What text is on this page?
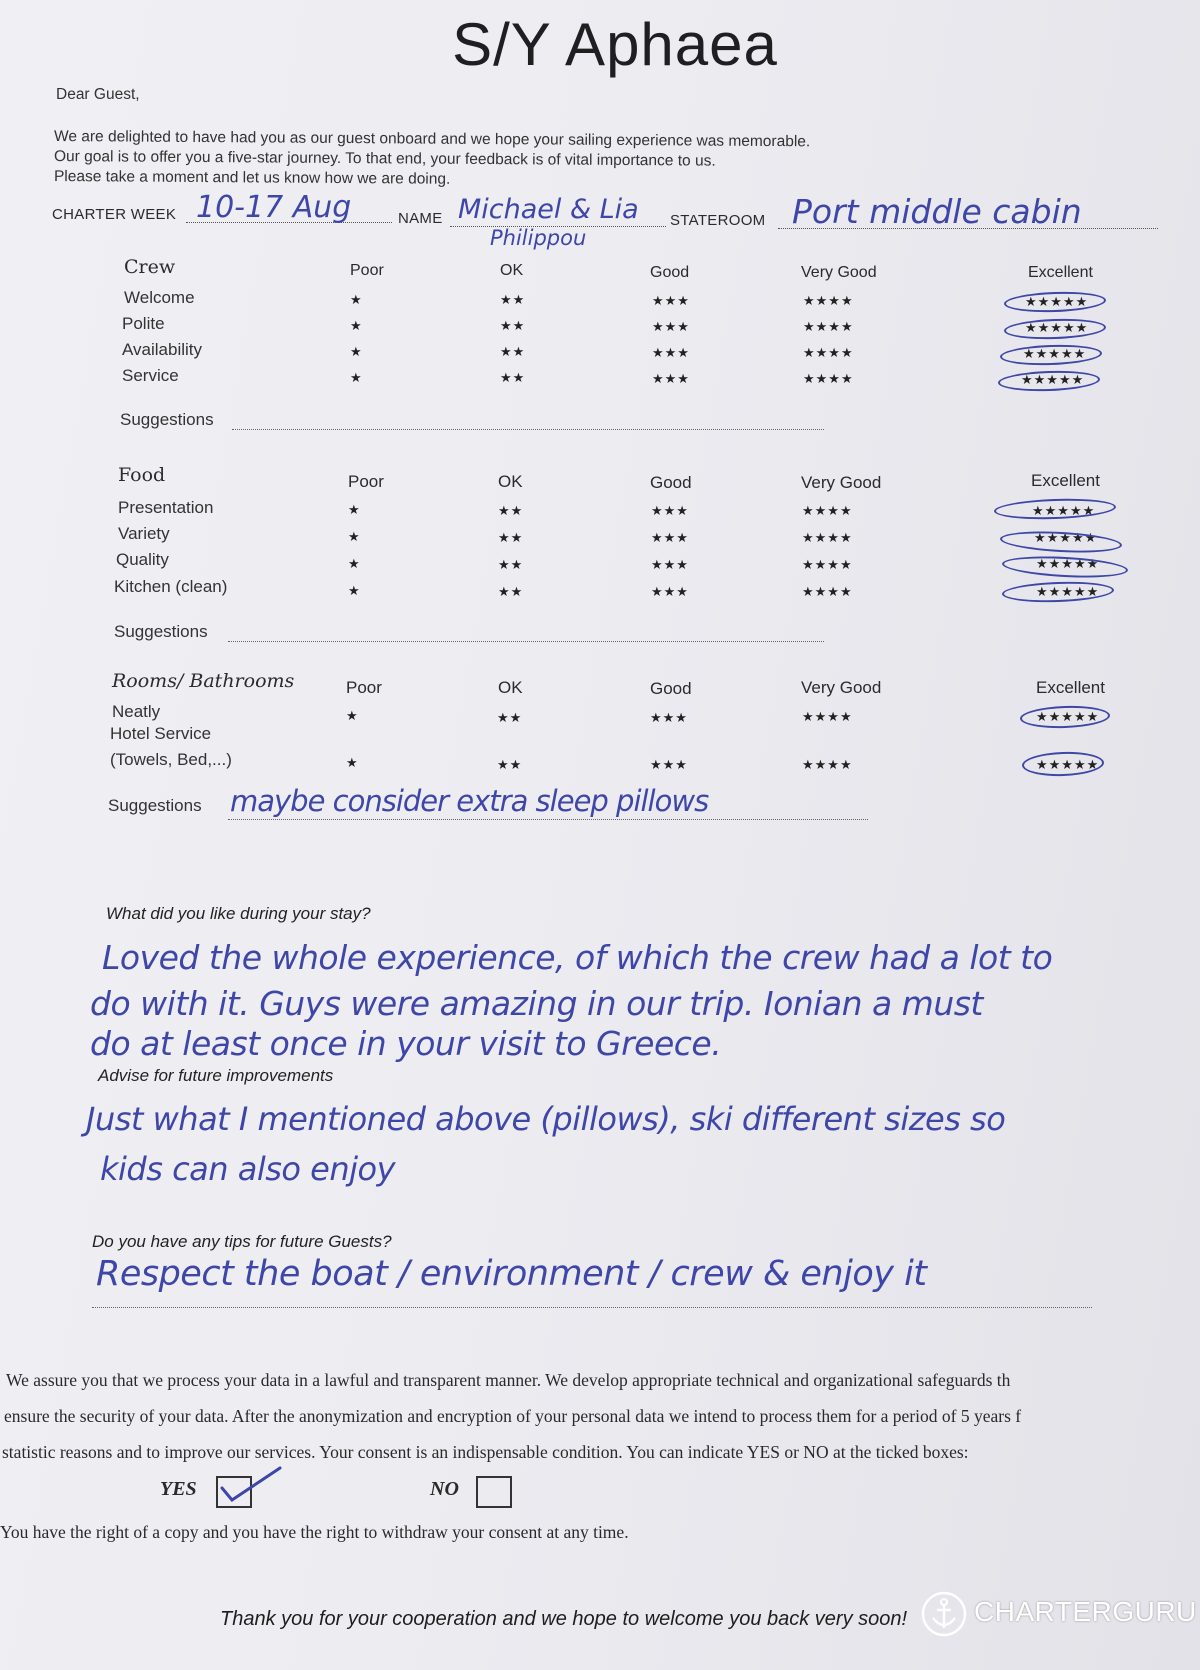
S/Y Aphaea
Dear Guest,
We are delighted to have had you as our guest onboard and we hope your sailing experience was memorable.
Our goal is to offer you a five-star journey. To that end, your feedback is of vital importance to us.
Please take a moment and let us know how we are doing.
CHARTER WEEK 10-17 Aug	NAME Michael & Lia
Philippou
STATEROOM Port middle cabin
Crew	Poor	OK	Good	Very Good	Excellent
Welcome	★	★★	★★★	★★★★	★★★★★
Polite	★	★★	★★★	★★★★	★★★★★
Availability	★	★★	★★★	★★★★	★★★★★
Service	★	★★	★★★	★★★★	★★★★★
Suggestions
Food	Poor	OK	Good	Very Good	Excellent
Presentation	★	★★	★★★	★★★★	★★★★★
Variety	★	★★	★★★	★★★★	★★★★★
Quality	★	★★	★★★	★★★★	★★★★★
Kitchen (clean)	★	★★	★★★	★★★★	★★★★★
Suggestions
Rooms/ Bathrooms	Poor	OK	Good	Very Good	Excellent
Neatly	★	★★	★★★	★★★★	★★★★★
Hotel Service
(Towels, Bed,...)	★	★★	★★★	★★★★	★★★★★
Suggestions maybe consider extra sleep pillows
What did you like during your stay?
Loved the whole experience, of which the crew had a lot to
do with it. Guys were amazing in our trip. Ionian a must
do at least once in your visit to Greece.
Advise for future improvements
Just what I mentioned above (pillows), ski different sizes so
kids can also enjoy
Do you have any tips for future Guests?
Respect the boat / environment / crew & enjoy it
We assure you that we process your data in a lawful and transparent manner. We develop appropriate technical and organizational safeguards th
ensure the security of your data. After the anonymization and encryption of your personal data we intend to process them for a period of 5 years f
statistic reasons and to improve our services. Your consent is an indispensable condition. You can indicate YES or NO at the ticked boxes:
YES	NO
You have the right of a copy and you have the right to withdraw your consent at any time.
Thank you for your cooperation and we hope to welcome you back very soon! CHARTERGURU
